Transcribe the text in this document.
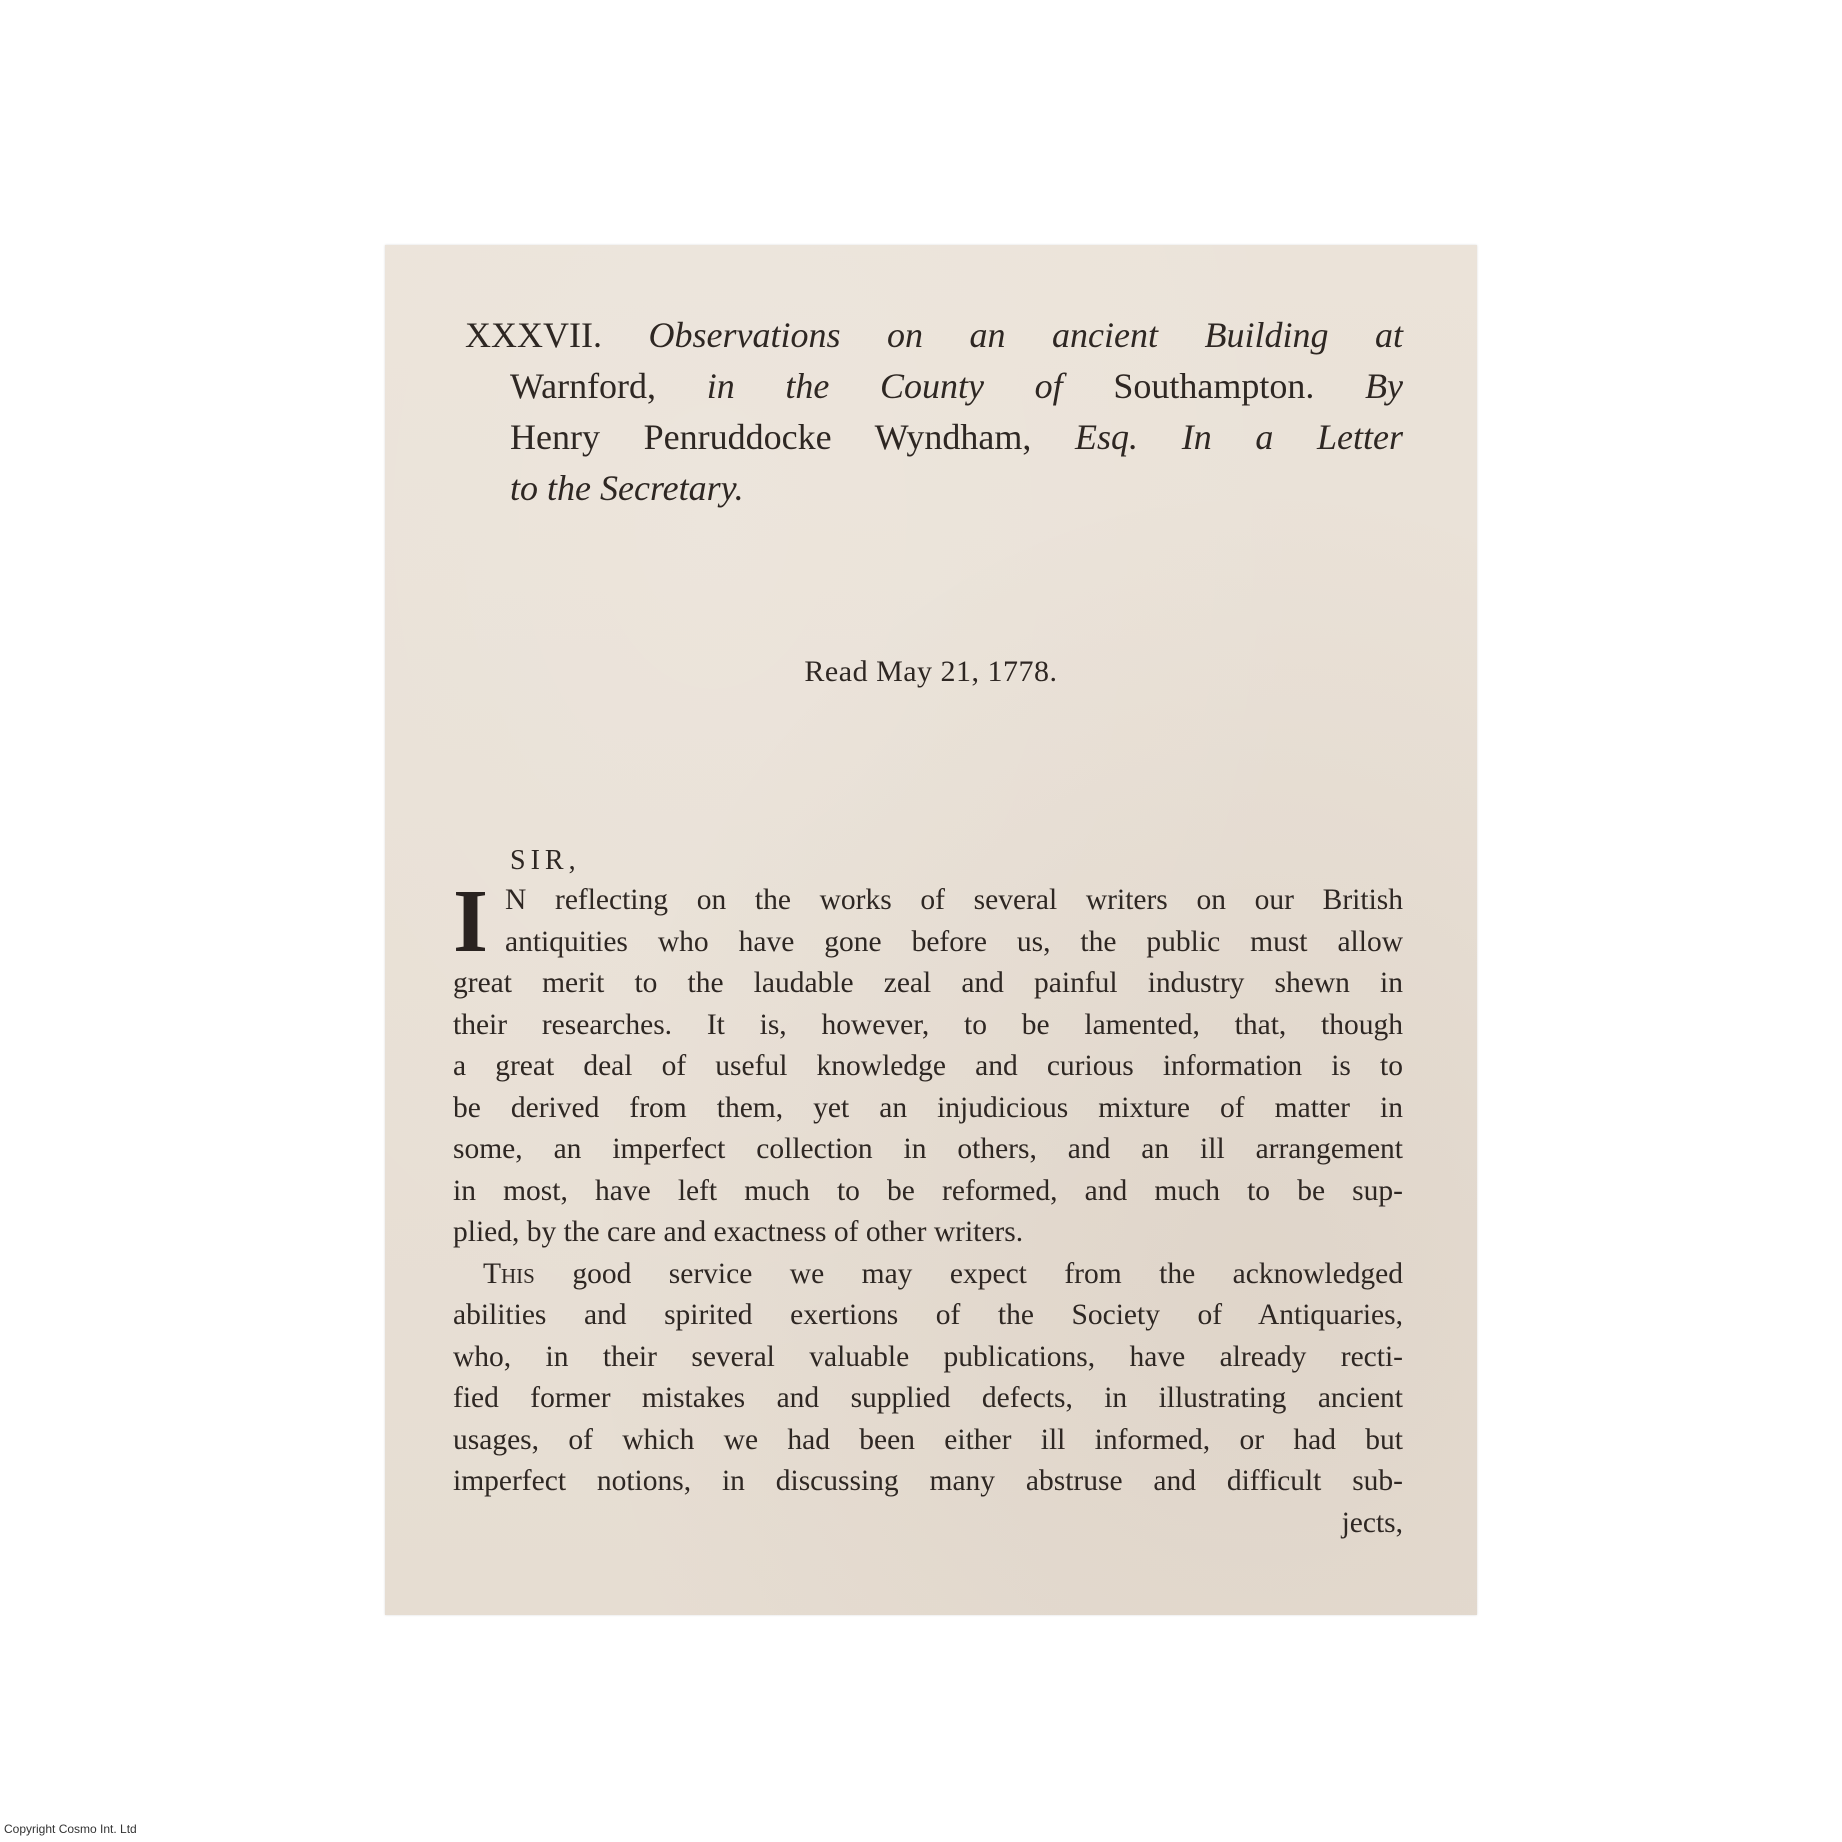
XXXVII. Observations on an ancient Building at
Warnford, in the County of Southampton. By
Henry Penruddocke Wyndham, Esq. In a Letter
to the Secretary.
Read May 21, 1778.
SIR,
I N reflecting on the works of several writers on our British
antiquities who have gone before us, the public must allow
great merit to the laudable zeal and painful industry shewn in
their researches. It is, however, to be lamented, that, though
a great deal of useful knowledge and curious information is to
be derived from them, yet an injudicious mixture of matter in
some, an imperfect collection in others, and an ill arrangement
in most, have left much to be reformed, and much to be sup-
plied, by the care and exactness of other writers.
This good service we may expect from the acknowledged
abilities and spirited exertions of the Society of Antiquaries,
who, in their several valuable publications, have already recti-
fied former mistakes and supplied defects, in illustrating ancient
usages, of which we had been either ill informed, or had but
imperfect notions, in discussing many abstruse and difficult sub-
jects,
Copyright Cosmo Int. Ltd
